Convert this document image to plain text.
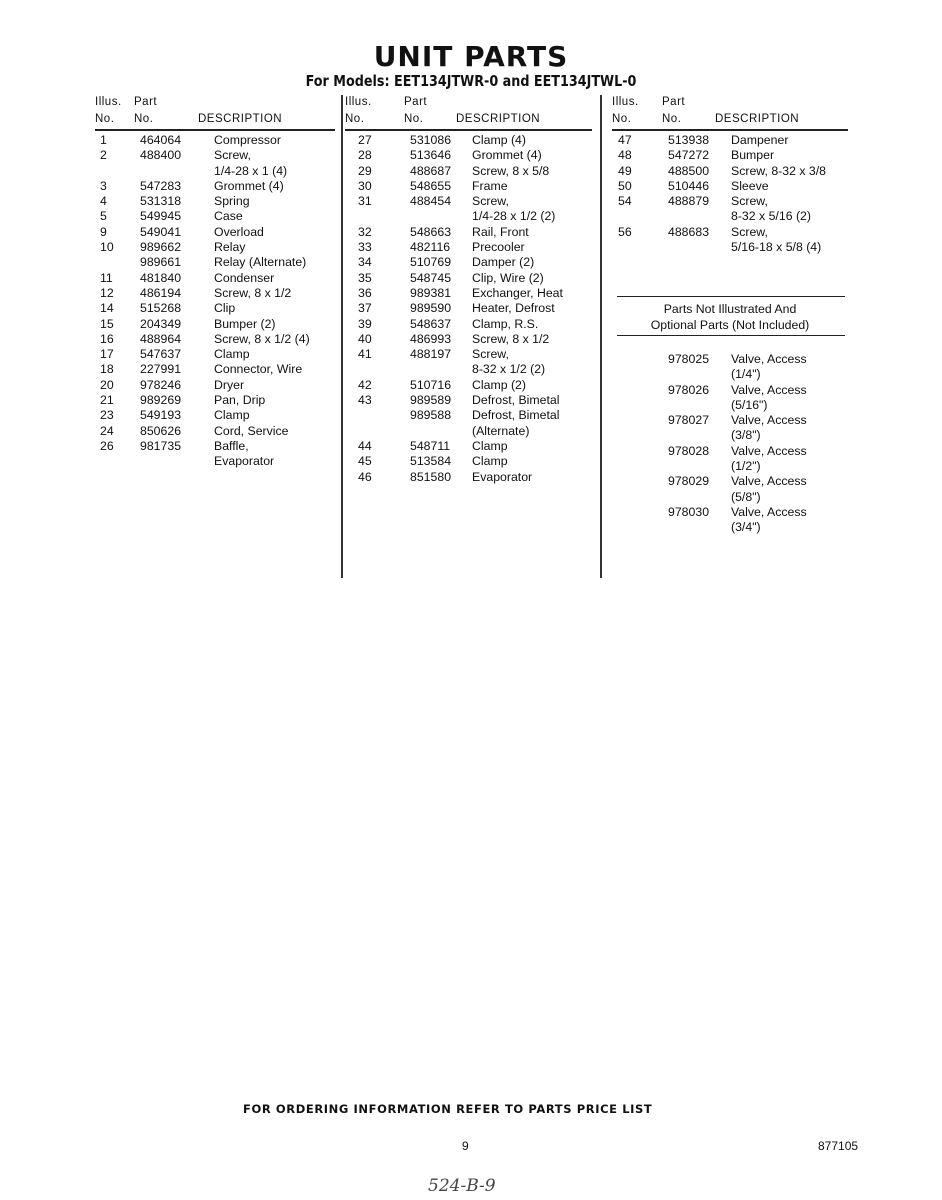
UNIT PARTS
For Models: EET134JTWR-0 and EET134JTWL-0
Illus. Part
No. No.	DESCRIPTION
1	464064	Compressor
2	488400	Screw,
1/4-28 x 1 (4)
3	547283	Grommet (4)
4	531318	Spring
5	549945	Case
9	549041	Overload
10 989662	Relay
989661	Relay (Alternate)
11 481840	Condenser
12 486194	Screw, 8 x 1/2
14 515268	Clip
15 204349	Bumper (2)
16 488964	Screw, 8 x 1/2 (4)
17 547637	Clamp
18 227991	Connector, Wire
20 978246	Dryer
21 989269	Pan, Drip
23 549193	Clamp
24 850626	Cord, Service
26 981735	Baffle,
Evaporator
Illus.	Part
No.	No.	DESCRIPTION
27	531086 Clamp (4)
28	513646 Grommet (4)
29	488687 Screw, 8 x 5/8
30	548655 Frame
31	488454 Screw,
1/4-28 x 1/2 (2)
32	548663 Rail, Front
33	482116 Precooler
34	510769 Damper (2)
35	548745 Clip, Wire (2)
36	989381 Exchanger, Heat
37	989590 Heater, Defrost
39	548637 Clamp, R.S.
40	486993 Screw, 8 x 1/2
41	488197 Screw,
8-32 x 1/2 (2)
42	510716 Clamp (2)
43	989589 Defrost, Bimetal
989588 Defrost, Bimetal
(Alternate)
44	548711 Clamp
45	513584 Clamp
46	851580 Evaporator
Illus. Part
No.	No.	DESCRIPTION
47	513938 Dampener
48	547272 Bumper
49	488500 Screw, 8-32 x 3/8
50	510446 Sleeve
54	488879 Screw,
8-32 x 5/16 (2)
56	488683 Screw,
5/16-18 x 5/8 (4)
Parts Not Illustrated And
Optional Parts (Not Included)
978025 Valve, Access
(1/4")
978026 Valve, Access
(5/16")
978027 Valve, Access
(3/8")
978028 Valve, Access
(1/2")
978029 Valve, Access
(5/8")
978030 Valve, Access
(3/4")
FOR ORDERING INFORMATION REFER TO PARTS PRICE LIST
9	877105
524-B-9
